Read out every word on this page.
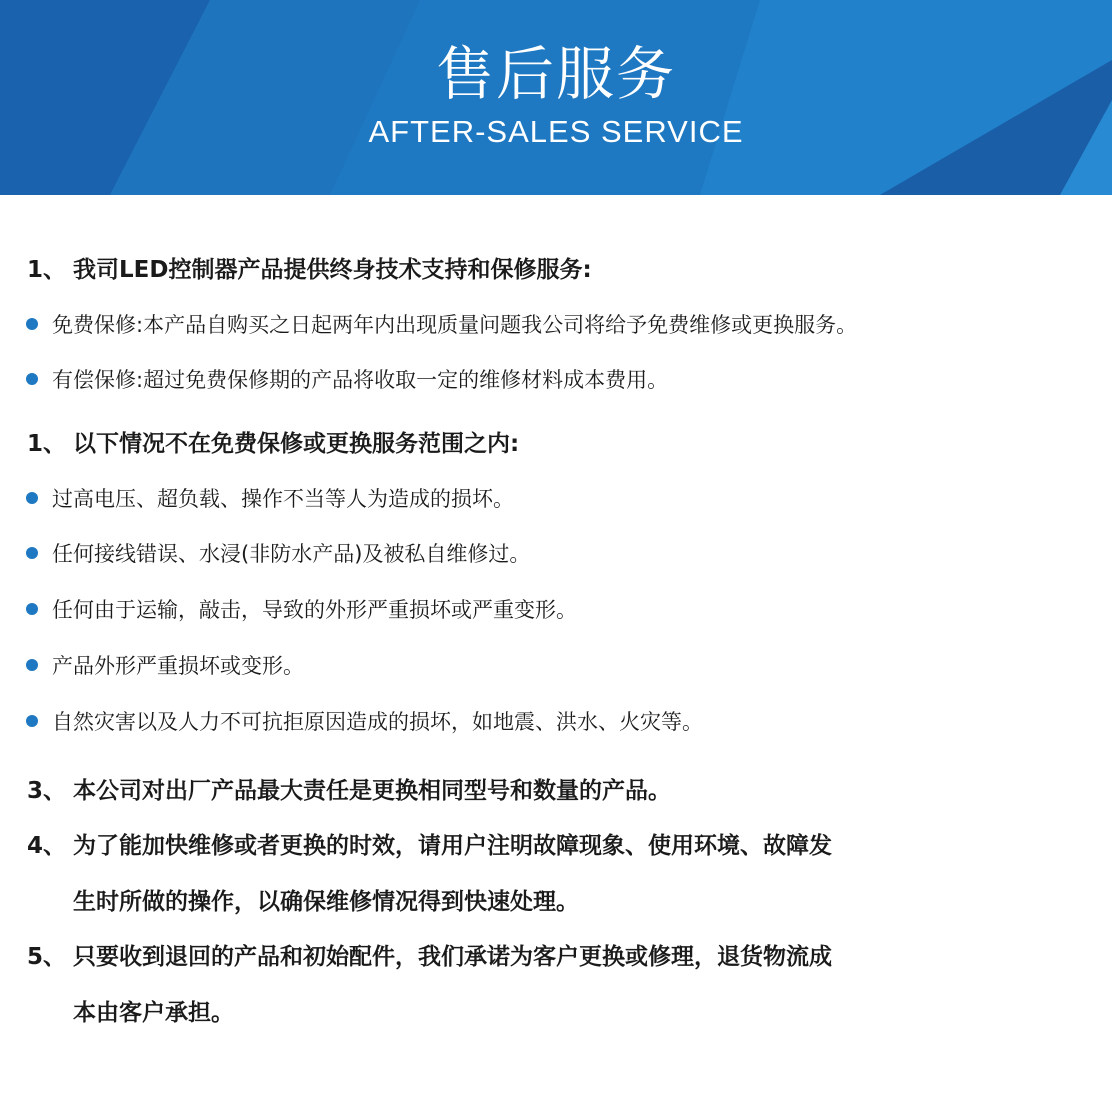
售后服务
AFTER-SALES SERVICE
1、 我司LED控制器产品提供终身技术支持和保修服务:
免费保修:本产品自购买之日起两年内出现质量问题我公司将给予免费维修或更换服务。
有偿保修:超过免费保修期的产品将收取一定的维修材料成本费用。
1、 以下情况不在免费保修或更换服务范围之内:
过高电压、超负载、操作不当等人为造成的损坏。
任何接线错误、水浸(非防水产品)及被私自维修过。
任何由于运输，敲击，导致的外形严重损坏或严重变形。
产品外形严重损坏或变形。
自然灾害以及人力不可抗拒原因造成的损坏，如地震、洪水、火灾等。
3、 本公司对出厂产品最大责任是更换相同型号和数量的产品。
4、 为了能加快维修或者更换的时效，请用户注明故障现象、使用环境、故障发
生时所做的操作，以确保维修情况得到快速处理。
5、 只要收到退回的产品和初始配件，我们承诺为客户更换或修理，退货物流成
本由客户承担。
